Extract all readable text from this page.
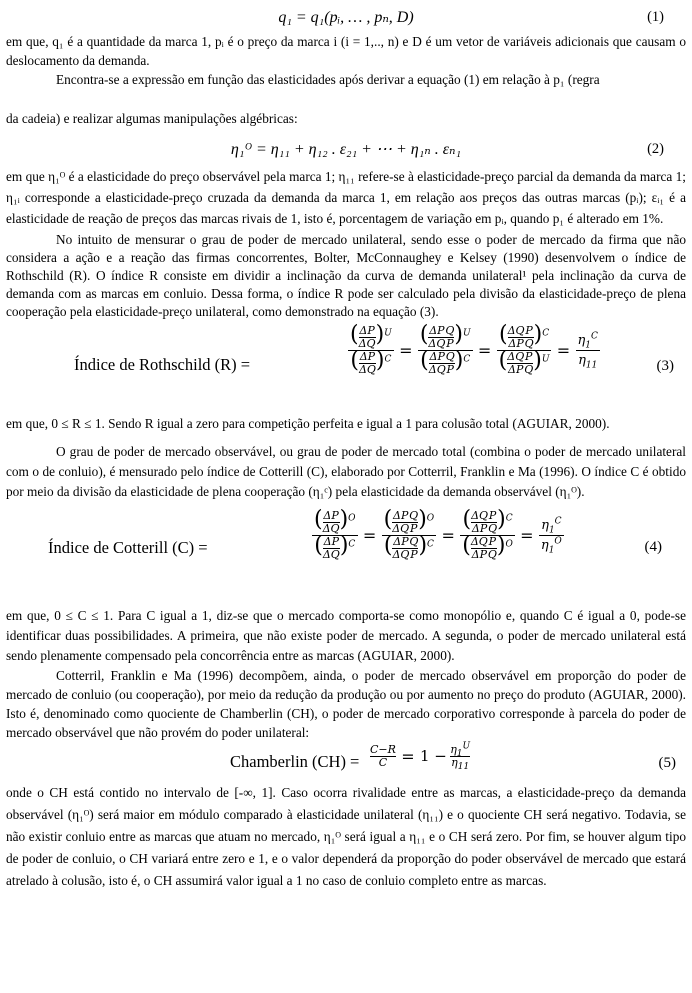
q₁ = q₁(pᵢ, … , pₙ, D)	(1)

em que, q₁ é a quantidade da marca 1, pᵢ é o preço da marca i (i = 1,.., n) e D é um vetor de variáveis adicionais que causam o deslocamento da demanda.

Encontra-se a expressão em função das elasticidades após derivar a equação (1) em relação à p₁ (regra

da cadeia) e realizar algumas manipulações algébricas:

η₁ᴼ = η₁₁ + η₁₂ . ε₂₁ + ⋯ + η₁ₙ . εₙ₁	(2)

em que η₁ᴼ é a elasticidade do preço observável pela marca 1; η₁₁ refere-se à elasticidade-preço parcial da demanda da marca 1; η₁ᵢ corresponde a elasticidade-preço cruzada da demanda da marca 1, em relação aos preços das outras marcas (pᵢ); εᵢ₁ é a elasticidade de reação de preços das marcas rivais de 1, isto é, porcentagem de variação em pᵢ, quando p₁ é alterado em 1%.

No intuito de mensurar o grau de poder de mercado unilateral, sendo esse o poder de mercado da firma que não considera a ação e a reação das firmas concorrentes, Bolter, McConnaughey e Kelsey (1990) desenvolvem o índice de Rothschild (R). O índice R consiste em dividir a inclinação da curva de demanda unilateral¹ pela inclinação da curva de demanda com as marcas em conluio. Dessa forma, o índice R pode ser calculado pela divisão da elasticidade-preço de plena cooperação pela elasticidade-preço unilateral, como demonstrado na equação (3).

Índice de Rothschild (R) =	$\frac{( \frac{\Delta P}{\Delta Q} )^U}{( \frac{\Delta P}{\Delta Q} )^C} = \frac{( \frac{\Delta P}{\Delta Q} \frac{Q}{P} )^U}{( \frac{\Delta P}{\Delta Q} \frac{Q}{P} )^C} = \frac{( \frac{\Delta Q}{\Delta P} \frac{P}{Q} )^C}{( \frac{\Delta Q}{\Delta P} \frac{P}{Q} )^U} = \frac{\eta_1^C}{\eta_{11}}$	(3)

em que, 0 ≤ R ≤ 1. Sendo R igual a zero para competição perfeita e igual a 1 para colusão total (AGUIAR, 2000).

O grau de poder de mercado observável, ou grau de poder de mercado total (combina o poder de mercado unilateral com o de conluio), é mensurado pelo índice de Cotterill (C), elaborado por Cotterril, Franklin e Ma (1996). O índice C é obtido por meio da divisão da elasticidade de plena cooperação (η₁ᶜ) pela elasticidade da demanda observável (η₁ᴼ).

Índice de Cotterill (C) =	$\frac{( \frac{\Delta P}{\Delta Q} )^O}{( \frac{\Delta P}{\Delta Q} )^C} = \frac{( \frac{\Delta P}{\Delta Q} \frac{Q}{P} )^O}{( \frac{\Delta P}{\Delta Q} \frac{Q}{P} )^C} = \frac{( \frac{\Delta Q}{\Delta P} \frac{P}{Q} )^C}{( \frac{\Delta Q}{\Delta P} \frac{P}{Q} )^O} = \frac{\eta_1^C}{\eta_1^O}$	(4)

em que, 0 ≤ C ≤ 1. Para C igual a 1, diz-se que o mercado comporta-se como monopólio e, quando C é igual a 0, pode-se identificar duas possibilidades. A primeira, que não existe poder de mercado. A segunda, o poder de mercado unilateral está sendo plenamente compensado pela concorrência entre as marcas (AGUIAR, 2000).

Cotterril, Franklin e Ma (1996) decompõem, ainda, o poder de mercado observável em proporção do poder de mercado de conluio (ou cooperação), por meio da redução da produção ou por aumento no preço do produto (AGUIAR, 2000). Isto é, denominado como quociente de Chamberlin (CH), o poder de mercado corporativo corresponde à parcela do poder de mercado observável que não provém do poder unilateral:

Chamberlin $(CH) = \frac{C-R}{C} = 1 - \frac{\eta_1^U}{\eta_{11}}$	(5)

onde o CH está contido no intervalo de [-∞, 1]. Caso ocorra rivalidade entre as marcas, a elasticidade-preço da demanda observável (η₁ᴼ) será maior em módulo comparado à elasticidade unilateral (η₁₁) e o quociente CH será negativo. Todavia, se não existir conluio entre as marcas que atuam no mercado, η₁ᴼ será igual a η₁₁ e o CH será zero. Por fim, se houver algum tipo de poder de conluio, o CH variará entre zero e 1, e o valor dependerá da proporção do poder observável de mercado que estará atrelado à colusão, isto é, o CH assumirá valor igual a 1 no caso de conluio completo entre as marcas.
